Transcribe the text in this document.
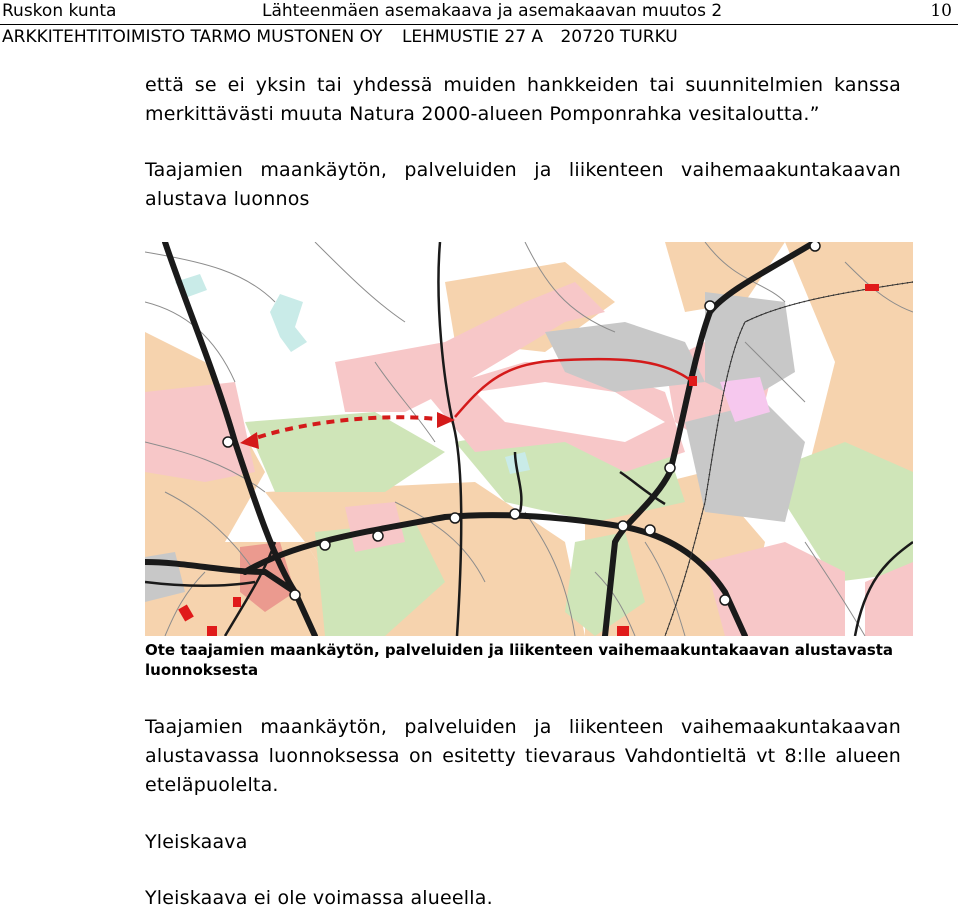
Ruskon kunta	Lähteenmäen asemakaava ja asemakaavan muutos 2	10
ARKKITEHTITOIMISTO TARMO MUSTONEN OY LEHMUSTIE 27 A 20720 TURKU
että se ei yksin tai yhdessä muiden hankkeiden tai suunnitelmien kanssa
merkittävästi muuta Natura 2000-alueen Pomponrahka vesitaloutta.”
Taajamien maankäytön, palveluiden ja liikenteen vaihemaakuntakaavan
alustava luonnos
Ote taajamien maankäytön, palveluiden ja liikenteen vaihemaakuntakaavan alustavasta luonnoksesta
Taajamien maankäytön, palveluiden ja liikenteen vaihemaakuntakaavan alustavassa luonnoksessa on esitetty tievaraus Vahdontieltä vt 8:lle alueen eteläpuolelta.
Yleiskaava
Yleiskaava ei ole voimassa alueella.
